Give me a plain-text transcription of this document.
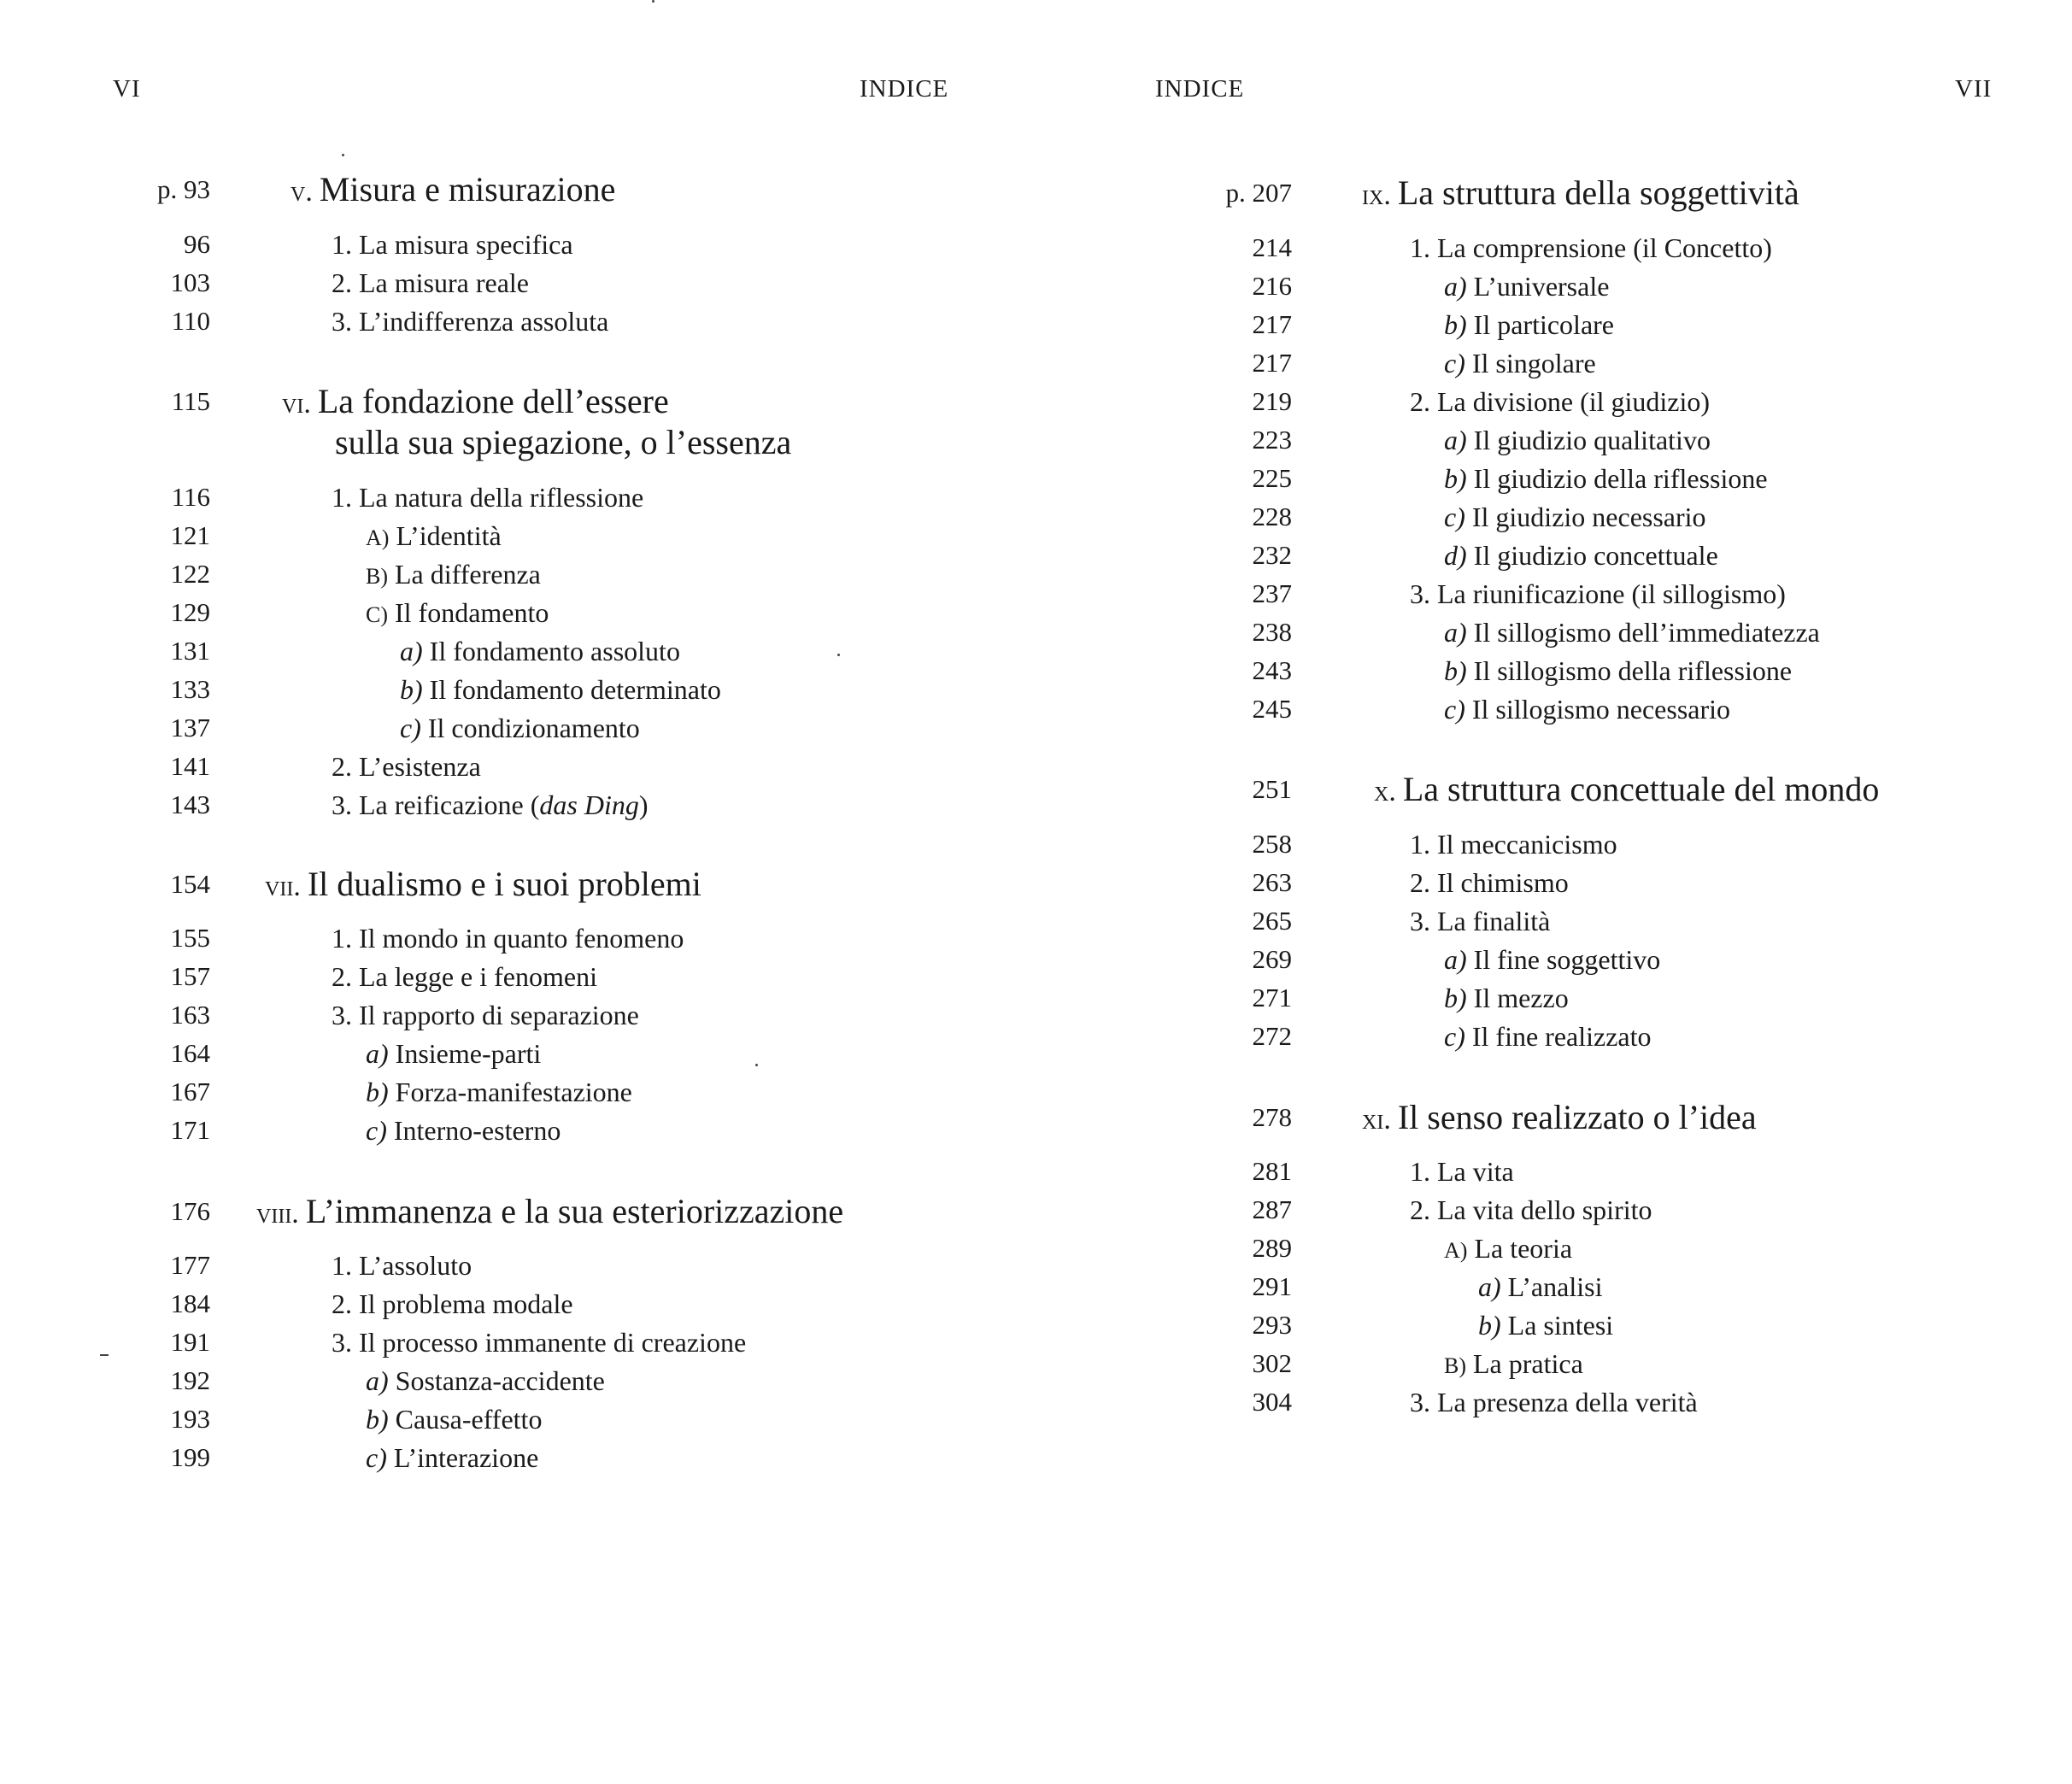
VI	INDICE
p. 93	v. Misura e misurazione
96	1. La misura specifica
103	2. La misura reale
110	3. L’indifferenza assoluta
115 vi. La fondazione dell’essere
sulla sua spiegazione, o l’essenza
116	1. La natura della riflessione
121	A) L’identità
122	B) La differenza
129	C) Il fondamento
131	a) Il fondamento assoluto
133	b) Il fondamento determinato
137	c) Il condizionamento
141	2. L’esistenza
143	3. La reificazione (das Ding)
154 vii. Il dualismo e i suoi problemi
155	1. Il mondo in quanto fenomeno
157	2. La legge e i fenomeni
163	3. Il rapporto di separazione
164	a) Insieme-parti
167	b) Forza-manifestazione
171	c) Interno-esterno
176 viii. L’immanenza e la sua esteriorizzazione
177	1. L’assoluto
184	2. Il problema modale
191	3. Il processo immanente di creazione
192	a) Sostanza-accidente
193	b) Causa-effetto
199	c) L’interazione
INDICE	VII
p. 207 ix. La struttura della soggettività
214	1. La comprensione (il Concetto)
216	a) L’universale
217	b) Il particolare
217	c) Il singolare
219	2. La divisione (il giudizio)
223	a) Il giudizio qualitativo
225	b) Il giudizio della riflessione
228	c) Il giudizio necessario
232	d) Il giudizio concettuale
237	3. La riunificazione (il sillogismo)
238	a) Il sillogismo dell’immediatezza
243	b) Il sillogismo della riflessione
245	c) Il sillogismo necessario
251	x. La struttura concettuale del mondo
258	1. Il meccanicismo
263	2. Il chimismo
265	3. La finalità
269	a) Il fine soggettivo
271	b) Il mezzo
272	c) Il fine realizzato
278 xi. Il senso realizzato o l’idea
281	1. La vita
287	2. La vita dello spirito
289	A) La teoria
291	a) L’analisi
293	b) La sintesi
302	B) La pratica
304	3. La presenza della verità
